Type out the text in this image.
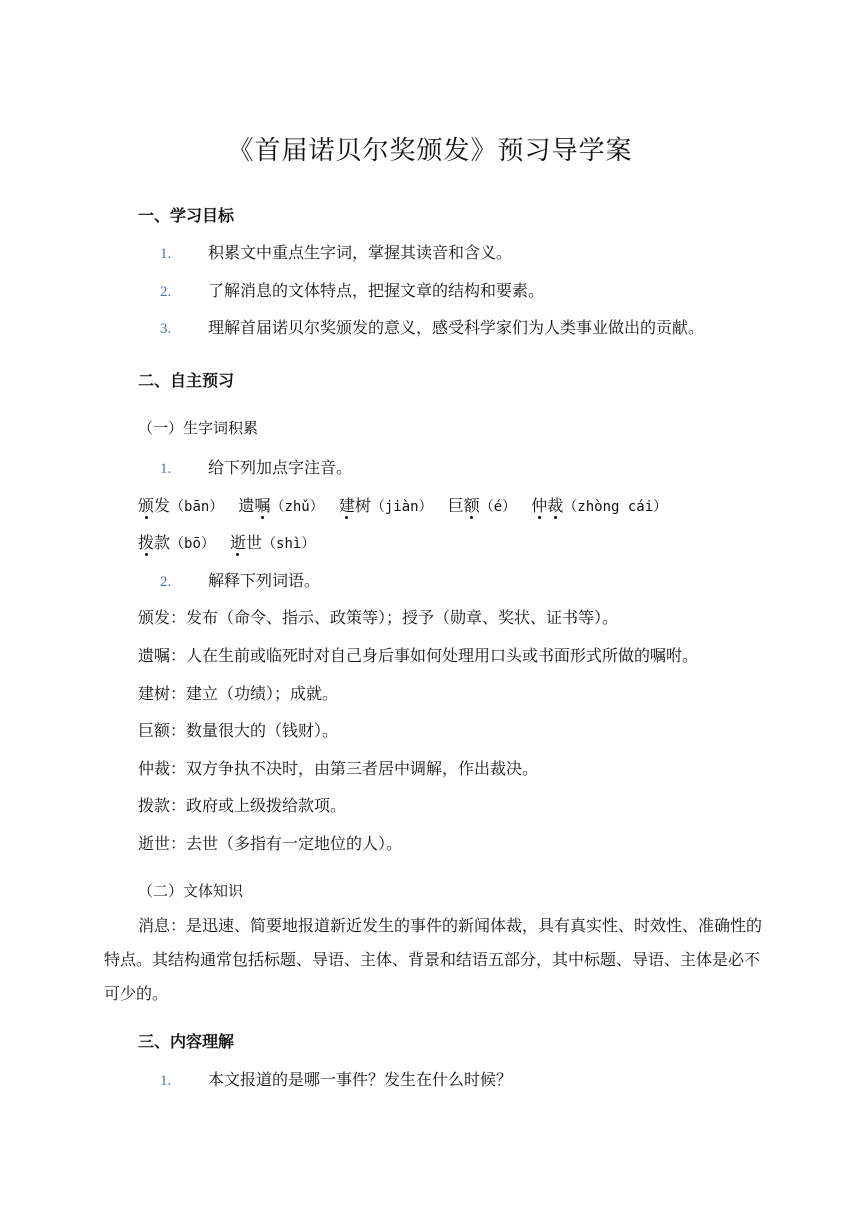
《首届诺贝尔奖颁发》预习导学案
一、学习目标
1. 积累文中重点生字词，掌握其读音和含义。
2. 了解消息的文体特点，把握文章的结构和要素。
3. 理解首届诺贝尔奖颁发的意义，感受科学家们为人类事业做出的贡献。
二、自主预习
（一）生字词积累
1. 给下列加点字注音。
颁发（bān） 遗嘱（zhǔ） 建树（jiàn） 巨额（é） 仲裁（zhòng cái）
拨款（bō） 逝世（shì）
2. 解释下列词语。
颁发：发布（命令、指示、政策等）；授予（勋章、奖状、证书等）。
遗嘱：人在生前或临死时对自己身后事如何处理用口头或书面形式所做的嘱咐。
建树：建立（功绩）；成就。
巨额：数量很大的（钱财）。
仲裁：双方争执不决时，由第三者居中调解，作出裁决。
拨款：政府或上级拨给款项。
逝世：去世（多指有一定地位的人）。
（二）文体知识
消息：是迅速、简要地报道新近发生的事件的新闻体裁，具有真实性、时效性、准确性的特点。其结构通常包括标题、导语、主体、背景和结语五部分，其中标题、导语、主体是必不可少的。
三、内容理解
1. 本文报道的是哪一事件？发生在什么时候？
